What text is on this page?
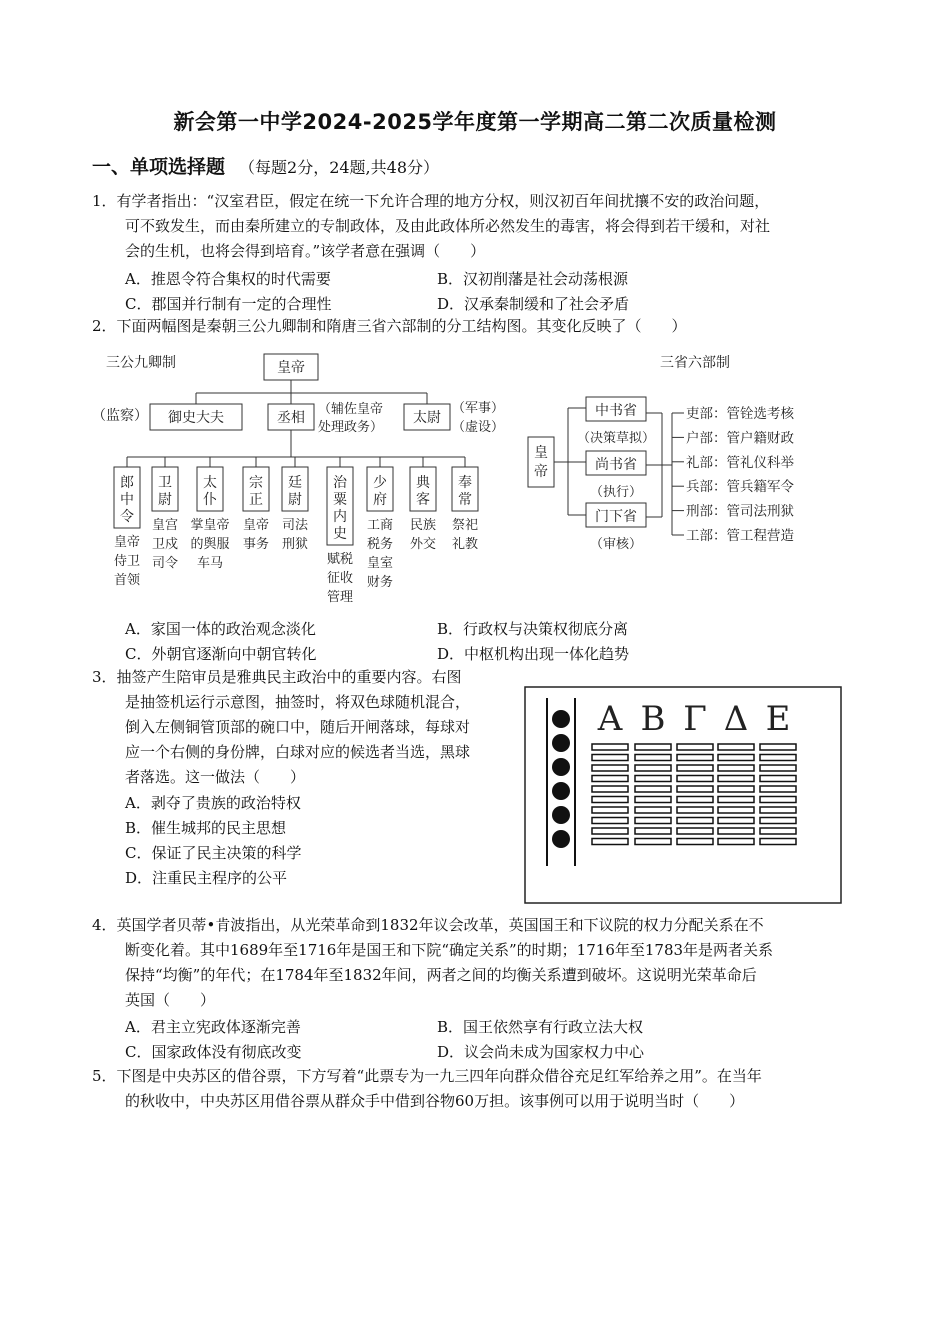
新会第一中学2024-2025学年度第一学期高二第二次质量检测
一、单项选择题 （每题2分，24题,共48分）
1．有学者指出：“汉室君臣，假定在统一下允许合理的地方分权，则汉初百年间扰攘不安的政治问题，
可不致发生，而由秦所建立的专制政体，及由此政体所必然发生的毒害，将会得到若干缓和，对社
会的生机，也将会得到培育。”该学者意在强调（　　）
A．推恩令符合集权的时代需要	B．汉初削藩是社会动荡根源
C．郡国并行制有一定的合理性	D．汉承秦制缓和了社会矛盾
2．下面两幅图是秦朝三公九卿制和隋唐三省六部制的分工结构图。其变化反映了（　　）
三公九卿制	皇帝
御史大夫
（监察）	丞相
（辅佐皇帝
处理政务）
太尉
（军事）
（虚设）
郎
中
令
皇帝
侍卫
首领
卫
尉
皇宫
卫戍
司令
太
仆
掌皇帝
的舆服
车马
宗
正
皇帝
事务
廷
尉
司法
刑狱
治
粟
内
史
赋税
征收
管理
少
府
工商
税务
皇室
财务
典
客
民族
外交
奉
常
祭祀
礼教
三省六部制
皇
帝
中书省
（决策草拟）
尚书省
（执行）
门下省
（审核）
吏部：管铨选考核
户部：管户籍财政
礼部：管礼仪科举
兵部：管兵籍军令
刑部：管司法刑狱
工部：管工程营造
A．家国一体的政治观念淡化	B．行政权与决策权彻底分离
C．外朝官逐渐向中朝官转化	D．中枢机构出现一体化趋势
3．抽签产生陪审员是雅典民主政治中的重要内容。右图
是抽签机运行示意图，抽签时，将双色球随机混合，
倒入左侧铜管顶部的碗口中，随后开闸落球，每球对
应一个右侧的身份牌，白球对应的候选者当选，黑球
者落选。这一做法（　　）
A．剥夺了贵族的政治特权
B．催生城邦的民主思想
C．保证了民主决策的科学
D．注重民主程序的公平
Α Β Γ Δ Ε
4．英国学者贝蒂•肯波指出，从光荣革命到1832年议会改革，英国国王和下议院的权力分配关系在不
断变化着。其中1689年至1716年是国王和下院“确定关系”的时期；1716年至1783年是两者关系
保持“均衡”的年代；在1784年至1832年间，两者之间的均衡关系遭到破坏。这说明光荣革命后
英国（　　）
A．君主立宪政体逐渐完善	B．国王依然享有行政立法大权
C．国家政体没有彻底改变	D．议会尚未成为国家权力中心
5．下图是中央苏区的借谷票，下方写着“此票专为一九三四年向群众借谷充足红军给养之用”。在当年
的秋收中，中央苏区用借谷票从群众手中借到谷物60万担。该事例可以用于说明当时（　　）
